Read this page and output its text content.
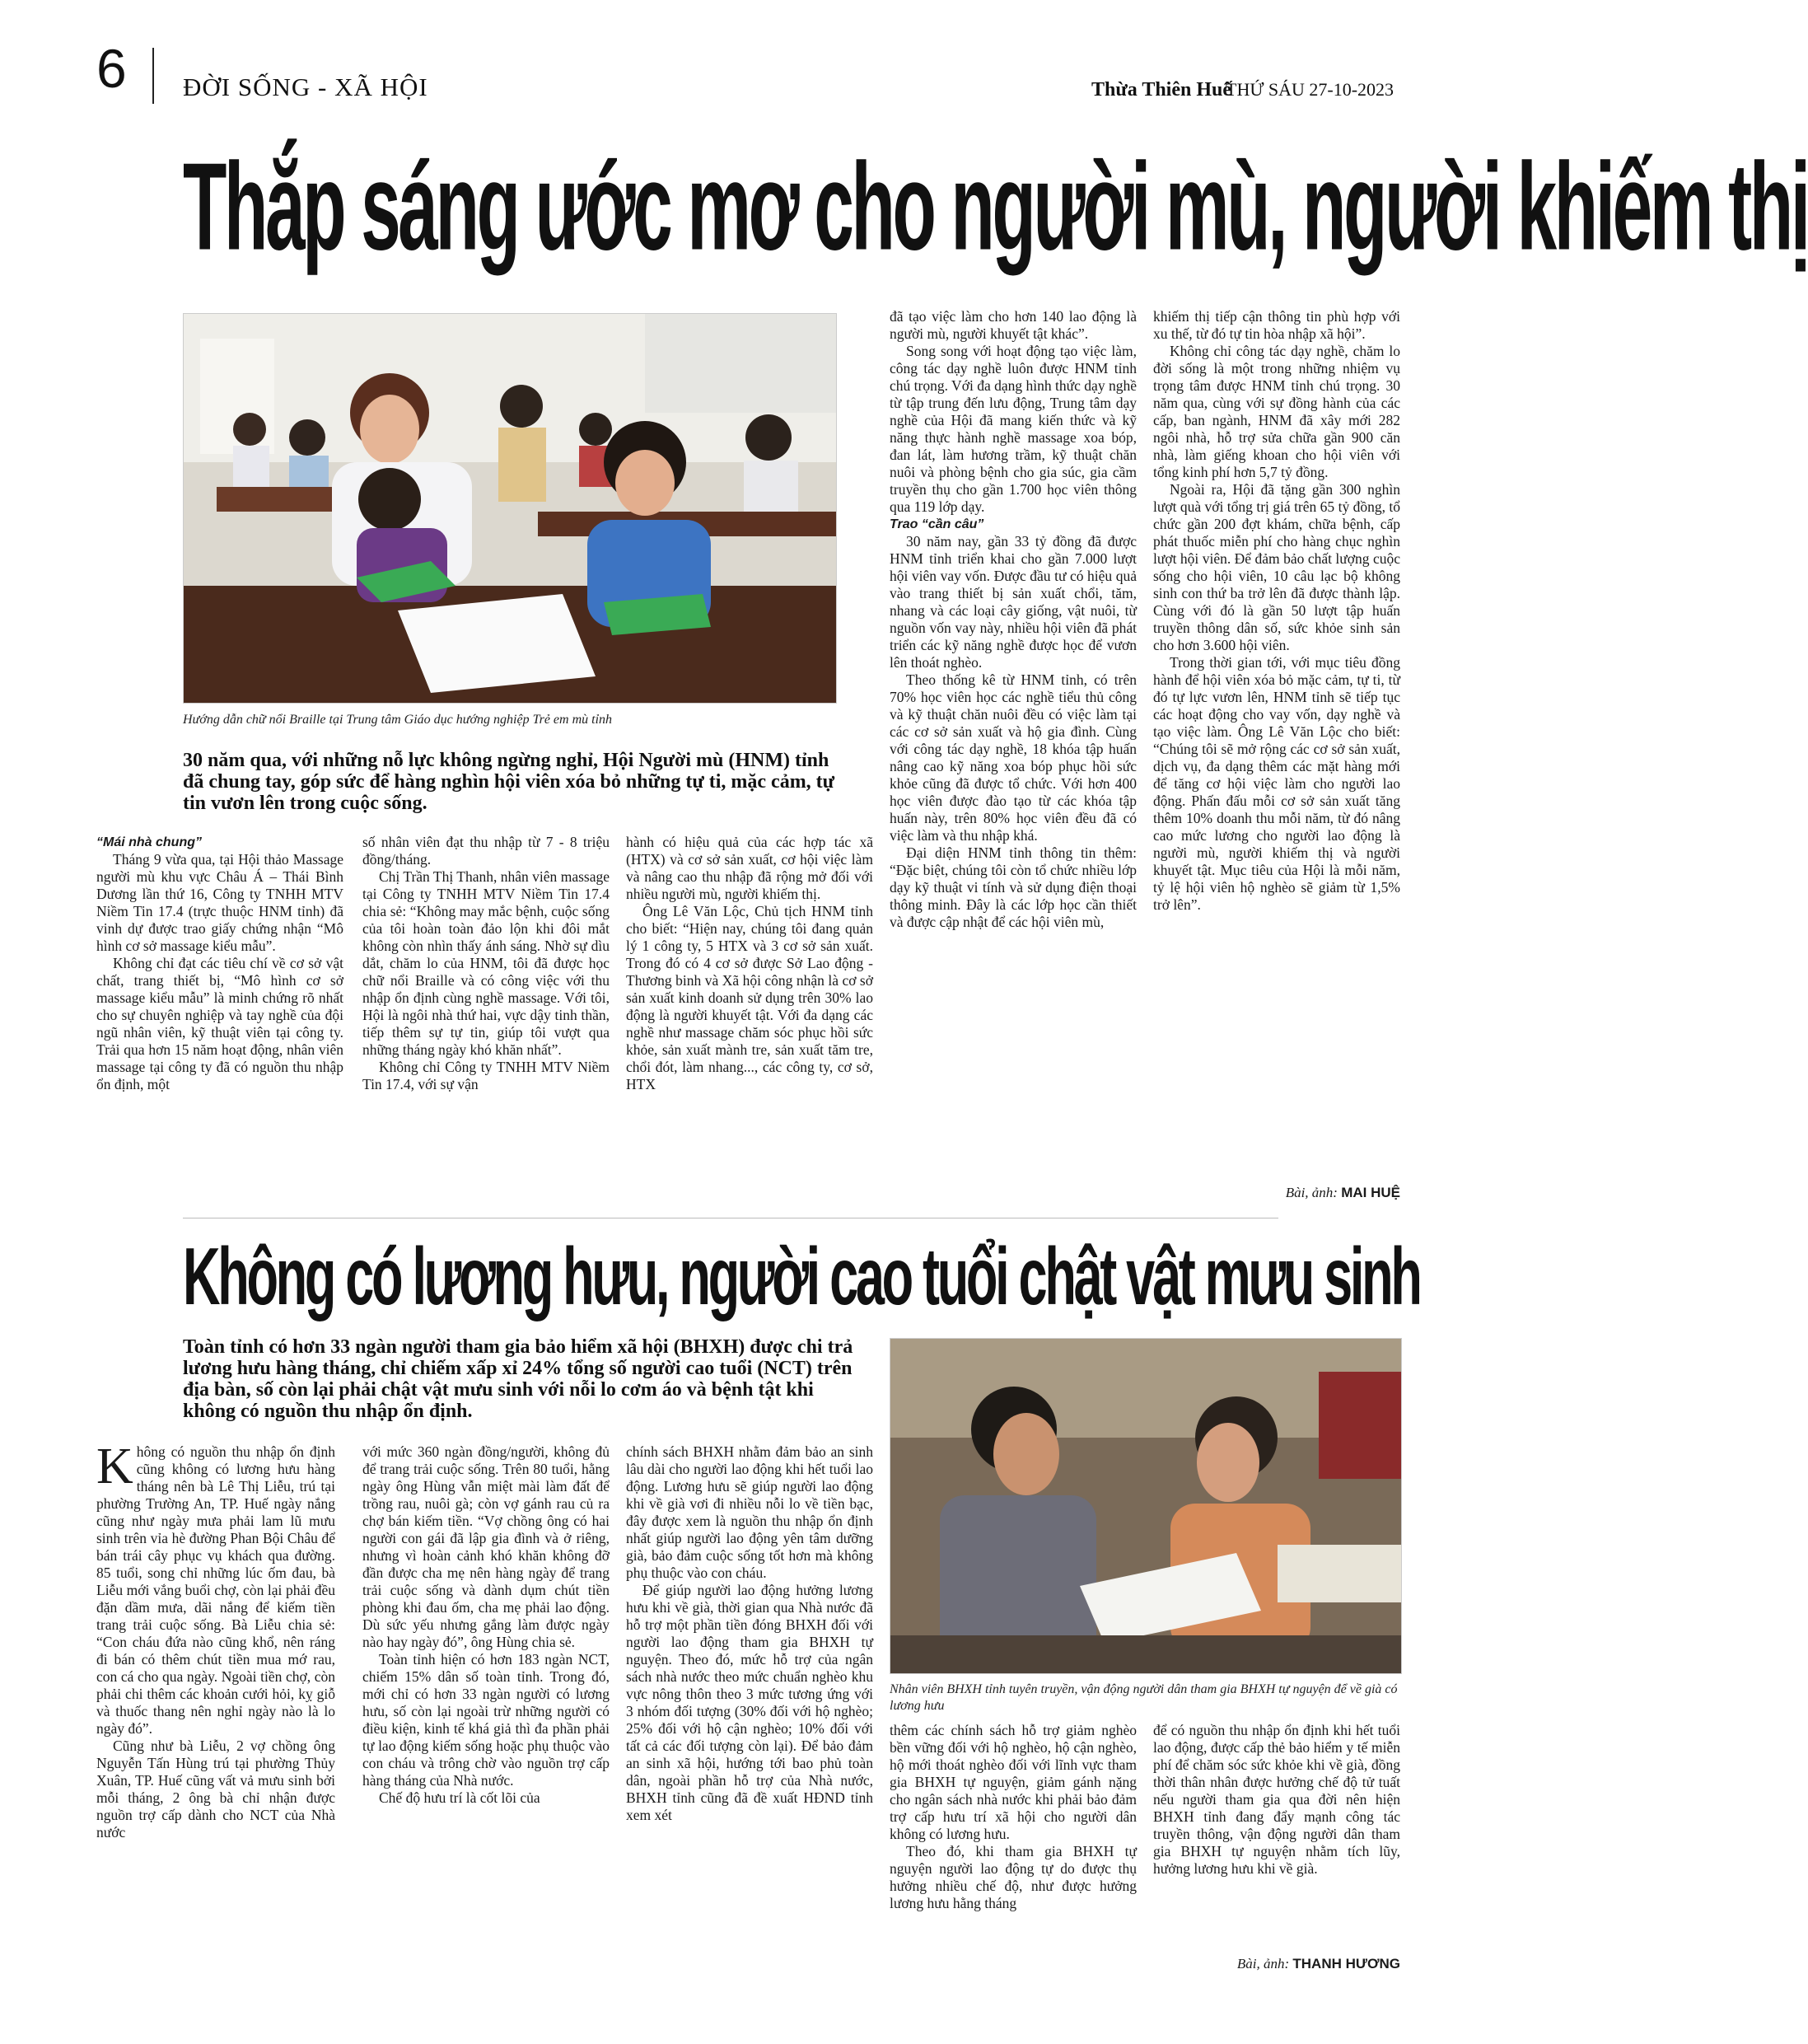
6 ĐỜI SỐNG - XÃ HỘI	Thừa Thiên Huế
THỨ SÁU 27-10-2023
Thắp sáng ước mơ cho người mù, người khiếm thị
Hướng dẫn chữ nổi Braille tại Trung tâm Giáo dục hướng nghiệp Trẻ em mù tỉnh
30 năm qua, với những nỗ lực không ngừng nghỉ, Hội Người mù (HNM) tỉnh đã chung tay, góp sức để hàng nghìn hội viên xóa bỏ những tự ti, mặc cảm, tự tin vươn lên trong cuộc sống.
“Mái nhà chung”

Tháng 9 vừa qua, tại Hội thảo Massage người mù khu vực Châu Á – Thái Bình Dương lần thứ 16, Công ty TNHH MTV Niềm Tin 17.4 (trực thuộc HNM tỉnh) đã vinh dự được trao giấy chứng nhận “Mô hình cơ sở massage kiểu mẫu”.

Không chỉ đạt các tiêu chí về cơ sở vật chất, trang thiết bị, “Mô hình cơ sở massage kiểu mẫu” là minh chứng rõ nhất cho sự chuyên nghiệp và tay nghề của đội ngũ nhân viên, kỹ thuật viên tại công ty. Trải qua hơn 15 năm hoạt động, nhân viên massage tại công ty đã có nguồn thu nhập ổn định, một

số nhân viên đạt thu nhập từ 7 - 8 triệu đồng/tháng.

Chị Trần Thị Thanh, nhân viên massage tại Công ty TNHH MTV Niềm Tin 17.4 chia sẻ: “Không may mắc bệnh, cuộc sống của tôi hoàn toàn đảo lộn khi đôi mắt không còn nhìn thấy ánh sáng. Nhờ sự dìu dắt, chăm lo của HNM, tôi đã được học chữ nổi Braille và có công việc với thu nhập ổn định cùng nghề massage. Với tôi, Hội là ngôi nhà thứ hai, vực dậy tinh thần, tiếp thêm sự tự tin, giúp tôi vượt qua những tháng ngày khó khăn nhất”.

Không chỉ Công ty TNHH MTV Niềm Tin 17.4, với sự vận

hành có hiệu quả của các hợp tác xã (HTX) và cơ sở sản xuất, cơ hội việc làm và nâng cao thu nhập đã rộng mở đối với nhiều người mù, người khiếm thị.

Ông Lê Văn Lộc, Chủ tịch HNM tỉnh cho biết: “Hiện nay, chúng tôi đang quản lý 1 công ty, 5 HTX và 3 cơ sở sản xuất. Trong đó có 4 cơ sở được Sở Lao động - Thương binh và Xã hội công nhận là cơ sở sản xuất kinh doanh sử dụng trên 30% lao động là người khuyết tật. Với đa dạng các nghề như massage chăm sóc phục hồi sức khỏe, sản xuất mành tre, sản xuất tăm tre, chổi đót, làm nhang..., các công ty, cơ sở, HTX

đã tạo việc làm cho hơn 140 lao động là người mù, người khuyết tật khác”.

Song song với hoạt động tạo việc làm, công tác dạy nghề luôn được HNM tỉnh chú trọng. Với đa dạng hình thức dạy nghề từ tập trung đến lưu động, Trung tâm dạy nghề của Hội đã mang kiến thức và kỹ năng thực hành nghề massage xoa bóp, đan lát, làm hương trầm, kỹ thuật chăn nuôi và phòng bệnh cho gia súc, gia cầm truyền thụ cho gần 1.700 học viên thông qua 119 lớp dạy.

Trao “cần câu”

30 năm nay, gần 33 tỷ đồng đã được HNM tỉnh triển khai cho gần 7.000 lượt hội viên vay vốn. Được đầu tư có hiệu quả vào trang thiết bị sản xuất chổi, tăm, nhang và các loại cây giống, vật nuôi, từ nguồn vốn vay này, nhiều hội viên đã phát triển các kỹ năng nghề được học để vươn lên thoát nghèo.

Theo thống kê từ HNM tỉnh, có trên 70% học viên học các nghề tiểu thủ công và kỹ thuật chăn nuôi đều có việc làm tại các cơ sở sản xuất và hộ gia đình. Cùng với công tác dạy nghề, 18 khóa tập huấn nâng cao kỹ năng xoa bóp phục hồi sức khỏe cũng đã được tổ chức. Với hơn 400 học viên được đào tạo từ các khóa tập huấn này, trên 80% học viên đều đã có việc làm và thu nhập khá.

Đại diện HNM tỉnh thông tin thêm: “Đặc biệt, chúng tôi còn tổ chức nhiều lớp dạy kỹ thuật vi tính và sử dụng điện thoại thông minh. Đây là các lớp học cần thiết và được cập nhật để các hội viên mù,

khiếm thị tiếp cận thông tin phù hợp với xu thế, từ đó tự tin hòa nhập xã hội”.

Không chỉ công tác dạy nghề, chăm lo đời sống là một trong những nhiệm vụ trọng tâm được HNM tỉnh chú trọng. 30 năm qua, cùng với sự đồng hành của các cấp, ban ngành, HNM đã xây mới 282 ngôi nhà, hỗ trợ sửa chữa gần 900 căn nhà, làm giếng khoan cho hội viên với tổng kinh phí hơn 5,7 tỷ đồng.

Ngoài ra, Hội đã tặng gần 300 nghìn lượt quà với tổng trị giá trên 65 tỷ đồng, tổ chức gần 200 đợt khám, chữa bệnh, cấp phát thuốc miễn phí cho hàng chục nghìn lượt hội viên. Để đảm bảo chất lượng cuộc sống cho hội viên, 10 câu lạc bộ không sinh con thứ ba trở lên đã được thành lập. Cùng với đó là gần 50 lượt tập huấn truyền thông dân số, sức khỏe sinh sản cho hơn 3.600 hội viên.

Trong thời gian tới, với mục tiêu đồng hành để hội viên xóa bỏ mặc cảm, tự ti, từ đó tự lực vươn lên, HNM tỉnh sẽ tiếp tục các hoạt động cho vay vốn, dạy nghề và tạo việc làm. Ông Lê Văn Lộc cho biết: “Chúng tôi sẽ mở rộng các cơ sở sản xuất, dịch vụ, đa dạng thêm các mặt hàng mới để tăng cơ hội việc làm cho người lao động. Phấn đấu mỗi cơ sở sản xuất tăng thêm 10% doanh thu mỗi năm, từ đó nâng cao mức lương cho người lao động là người mù, người khiếm thị và người khuyết tật. Mục tiêu của Hội là mỗi năm, tỷ lệ hội viên hộ nghèo sẽ giảm từ 1,5% trở lên”.

Bài, ảnh: MAI HUỆ
Không có lương hưu, người cao tuổi chật vật mưu sinh
Toàn tỉnh có hơn 33 ngàn người tham gia bảo hiểm xã hội (BHXH) được chi trả lương hưu hàng tháng, chỉ chiếm xấp xỉ 24% tổng số người cao tuổi (NCT) trên địa bàn, số còn lại phải chật vật mưu sinh với nỗi lo cơm áo và bệnh tật khi không có nguồn thu nhập ổn định.
Nhân viên BHXH tỉnh tuyên truyền, vận động người dân tham gia BHXH tự nguyện để về già có lương hưu

Không có nguồn thu nhập ổn định cũng không có lương hưu hàng tháng nên bà Lê Thị Liễu, trú tại phường Trường An, TP. Huế ngày nắng cũng như ngày mưa phải lam lũ mưu sinh trên vỉa hè đường Phan Bội Châu để bán trái cây phục vụ khách qua đường. 85 tuổi, song chỉ những lúc ốm đau, bà Liễu mới vắng buổi chợ, còn lại phải đều đặn dầm mưa, dãi nắng để kiếm tiền trang trải cuộc sống. Bà Liễu chia sẻ: “Con cháu đứa nào cũng khổ, nên ráng đi bán có thêm chút tiền mua mớ rau, con cá cho qua ngày. Ngoài tiền chợ, còn phải chi thêm các khoản cưới hỏi, kỵ giỗ và thuốc thang nên nghỉ ngày nào là lo ngày đó”.

Cũng như bà Liễu, 2 vợ chồng ông Nguyễn Tấn Hùng trú tại phường Thủy Xuân, TP. Huế cũng vất vả mưu sinh bởi mỗi tháng, 2 ông bà chỉ nhận được nguồn trợ cấp dành cho NCT của Nhà nước

với mức 360 ngàn đồng/người, không đủ để trang trải cuộc sống. Trên 80 tuổi, hằng ngày ông Hùng vẫn miệt mài làm đất để trồng rau, nuôi gà; còn vợ gánh rau củ ra chợ bán kiếm tiền. “Vợ chồng ông có hai người con gái đã lập gia đình và ở riêng, nhưng vì hoàn cảnh khó khăn không đỡ đần được cha mẹ nên hàng ngày để trang trải cuộc sống và dành dụm chút tiền phòng khi đau ốm, cha mẹ phải lao động. Dù sức yếu nhưng gắng làm được ngày nào hay ngày đó”, ông Hùng chia sẻ.

Toàn tỉnh hiện có hơn 183 ngàn NCT, chiếm 15% dân số toàn tỉnh. Trong đó, mới chỉ có hơn 33 ngàn người có lương hưu, số còn lại ngoài trừ những người có điều kiện, kinh tế khá giả thì đa phần phải tự lao động kiếm sống hoặc phụ thuộc vào con cháu và trông chờ vào nguồn trợ cấp hàng tháng của Nhà nước.

Chế độ hưu trí là cốt lõi của

chính sách BHXH nhằm đảm bảo an sinh lâu dài cho người lao động khi hết tuổi lao động. Lương hưu sẽ giúp người lao động khi về già vơi đi nhiều nỗi lo về tiền bạc, đây được xem là nguồn thu nhập ổn định nhất giúp người lao động yên tâm dưỡng già, bảo đảm cuộc sống tốt hơn mà không phụ thuộc vào con cháu.

Để giúp người lao động hưởng lương hưu khi về già, thời gian qua Nhà nước đã hỗ trợ một phần tiền đóng BHXH đối với người lao động tham gia BHXH tự nguyện. Theo đó, mức hỗ trợ của ngân sách nhà nước theo mức chuẩn nghèo khu vực nông thôn theo 3 mức tương ứng với 3 nhóm đối tượng (30% đối với hộ nghèo; 25% đối với hộ cận nghèo; 10% đối với tất cả các đối tượng còn lại). Để bảo đảm an sinh xã hội, hướng tới bao phủ toàn dân, ngoài phần hỗ trợ của Nhà nước, BHXH tỉnh cũng đã đề xuất HĐND tỉnh xem xét

thêm các chính sách hỗ trợ giảm nghèo bền vững đối với hộ nghèo, hộ cận nghèo, hộ mới thoát nghèo đối với lĩnh vực tham gia BHXH tự nguyện, giảm gánh nặng cho ngân sách nhà nước khi phải bảo đảm trợ cấp hưu trí xã hội cho người dân không có lương hưu.

Theo đó, khi tham gia BHXH tự nguyện người lao động tự do được thụ hưởng nhiều chế độ, như được hưởng lương hưu hằng tháng

để có nguồn thu nhập ổn định khi hết tuổi lao động, được cấp thẻ bảo hiểm y tế miễn phí để chăm sóc sức khỏe khi về già, đồng thời thân nhân được hưởng chế độ tử tuất nếu người tham gia qua đời nên hiện BHXH tỉnh đang đẩy mạnh công tác truyền thông, vận động người dân tham gia BHXH tự nguyện nhằm tích lũy, hưởng lương hưu khi về già.

Bài, ảnh: THANH HƯƠNG
